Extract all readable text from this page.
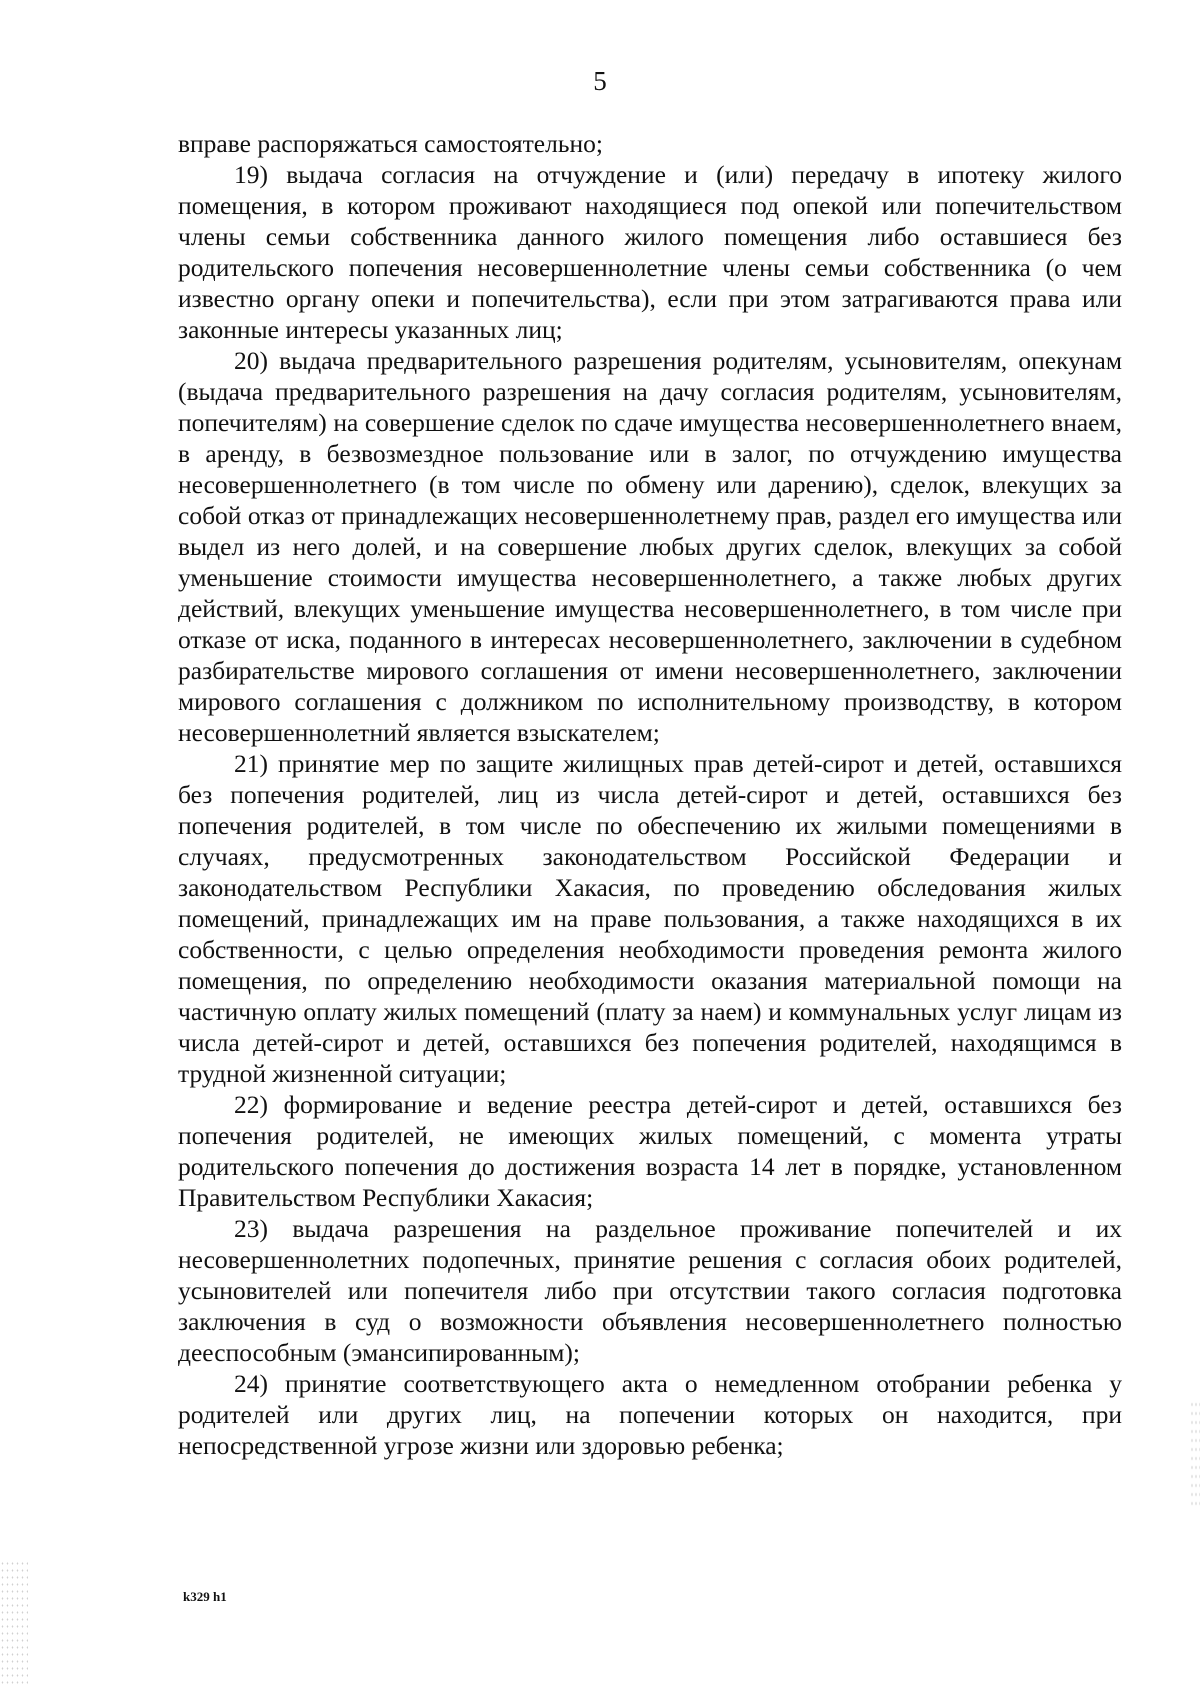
5

вправе распоряжаться самостоятельно;

19) выдача согласия на отчуждение и (или) передачу в ипотеку жилого помещения, в котором проживают находящиеся под опекой или попечительством члены семьи собственника данного жилого помещения либо оставшиеся без родительского попечения несовершеннолетние члены семьи собственника (о чем известно органу опеки и попечительства), если при этом затрагиваются права или законные интересы указанных лиц;

20) выдача предварительного разрешения родителям, усыновителям, опекунам (выдача предварительного разрешения на дачу согласия родителям, усыновителям, попечителям) на совершение сделок по сдаче имущества несовершеннолетнего внаем, в аренду, в безвозмездное пользование или в залог, по отчуждению имущества несовершеннолетнего (в том числе по обмену или дарению), сделок, влекущих за собой отказ от принадлежащих несовершеннолетнему прав, раздел его имущества или выдел из него долей, и на совершение любых других сделок, влекущих за собой уменьшение стоимости имущества несовершеннолетнего, а также любых других действий, влекущих уменьшение имущества несовершеннолетнего, в том числе при отказе от иска, поданного в интересах несовершеннолетнего, заключении в судебном разбирательстве мирового соглашения от имени несовершеннолетнего, заключении мирового соглашения с должником по исполнительному производству, в котором несовершеннолетний является взыскателем;

21) принятие мер по защите жилищных прав детей-сирот и детей, оставшихся без попечения родителей, лиц из числа детей-сирот и детей, оставшихся без попечения родителей, в том числе по обеспечению их жилыми помещениями в случаях, предусмотренных законодательством Российской Федерации и законодательством Республики Хакасия, по проведению обследования жилых помещений, принадлежащих им на праве пользования, а также находящихся в их собственности, с целью определения необходимости проведения ремонта жилого помещения, по определению необходимости оказания материальной помощи на частичную оплату жилых помещений (плату за наем) и коммунальных услуг лицам из числа детей-сирот и детей, оставшихся без попечения родителей, находящимся в трудной жизненной ситуации;

22) формирование и ведение реестра детей-сирот и детей, оставшихся без попечения родителей, не имеющих жилых помещений, с момента утраты родительского попечения до достижения возраста 14 лет в порядке, установленном Правительством Республики Хакасия;

23) выдача разрешения на раздельное проживание попечителей и их несовершеннолетних подопечных, принятие решения с согласия обоих родителей, усыновителей или попечителя либо при отсутствии такого согласия подготовка заключения в суд о возможности объявления несовершеннолетнего полностью дееспособным (эмансипированным);

24) принятие соответствующего акта о немедленном отобрании ребенка у родителей или других лиц, на попечении которых он находится, при непосредственной угрозе жизни или здоровью ребенка;

k329 h1
